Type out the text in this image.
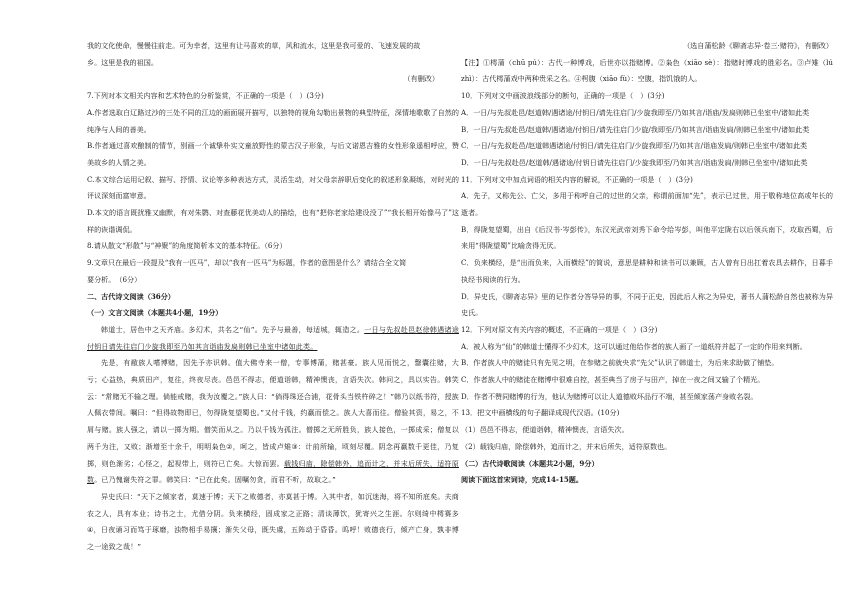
我的文化使命，慢慢往前走。可为幸者，这里有让马喜欢的草，风和流水，这里是我可爱的、飞速发展的故

乡。这里是我的祖国。

（有删改）

7.下列对本文相关内容和艺术特色的分析鉴赏，不正确的一项是（　）(3分)

A.作者选取白辽路过沙的三处不同的江边的画面展开描写，以独特的视角勾勒出景物的典型特征，深情地歌歌了自然的纯净与人间的善美。

B.作者通过喜欢酿制的情节，别画一个诚挚朴实文童放野性的蒙古汉子形象，与后文诺恩吉雅的女性形象遥相呼应，赞美故乡的人情之美。

C.本文综合运用记叙、描写、抒情、议论等多种表达方式，灵活生动，对父母亲辞职后变化的叙述形象凝练，对时光的评议深刻而富审意。

D.本文的语言既扰雅又幽默，有对朱鹮、对查藤花优美动人的描绘，也有“把你老家给建设没了”“我长相开始像马了”这样的诙谐调侃。

8.请从散文“形散”与“神聚”的角度简析本文的基本特征。（6分）

9.文章只在最后一段提及“我有一匹马”，却以“我有一匹马”为标题，作者的意图是什么？请结合全文简

要分析。　（6分）

二、古代诗文阅读（36分）

（一）文言文阅读（本题共4小题，19分）

韩道士，居色中之天齐庙。多幻术，共名之“仙”。先予与最善，每适城，辄造之。一日与先叔赴邑赵徐韩遇诸途付钥日请先往启门少旋我即至乃如其言诣庙发扃则韩已坐室中诸如此类。

先是，有敝族人嗜博赌，因先予亦识韩。值大佛寺来一僧，专事博蒲，赌甚豪。族人见而悦之，罄囊往赌，大亏；心益热，典质田产，复往，终夜尽丧。邑邑不得志，便道诣韩，精神懊丧，言语失次。韩问之，具以实告。韩笑云：“常赌无不输之理。倘能戒赌，我为汝覆之。”族人曰：“倘得珠还合浦，花骨头当铁杵碎之！”韩乃以纸书符，授族人佩衣带间。嘱曰：“但得故物即已，勿得陇复望蜀也。”又付千钱，约赢而偿之。族人大喜而往。僧验其资，易之，不屑与赌。族人强之，请以一掷为期。僧笑而从之。乃以千钱为孤注。僧掷之无所胜负，族人接色，一掷成采；僧复以两千为注，又败；渐增至十余千，明明枭色②，呵之，皆成卢雉③：计前所输，顷刻尽覆。阴念再赢数千更佳，乃复掷，则色渐劣；心怪之，起视带上，则符已亡矣。大惊而罢。载钱归庙，除偿韩外，追而计之，并末后所失，适符原数。已乃愧谢失符之罪。韩笑曰：“已在此矣。固嘱勿贪，而君不听，故取之。”

异史氏曰：“天下之倾家者，莫速于博；天下之败德者，亦莫甚于博。入其中者，如沉迷海，将不知所底矣。夫商农之人，具有本业；诗书之士，尤借分阴。负来横经，固成家之正路；清谈薄饮，犹寄兴之生涯。尔则绮中樗赛多④，日夜诵习而笃于琢磨，浊物相手易攘；渐失父母，既失虞，五阵动于昏昏。呜呼！败德丧行，倾产亡身，孰非博之一途致之哉！”

（选自蒲松龄《聊斋志异·卷三·赌符》，有删改）

【注】①樗蒲（chū pú）：古代一种博戏，后世亦以指赌博。②枭色（xiāo sè）：指赌时博戏的胜彩名。③卢雉（lú zhì）：古代樗蒲戏中两种贵采之名。④枵腹（xiāo fù）：空腹，指饥饿的人。

10．下列对文中画波浪线部分的断句，正确的一项是（　）(3分)

A．一日/与先叔赴邑/赵道韩/遇诸途/付钥日/请先往启门/少旋我即至/乃如其言/诣庙/发扃则韩已坐室中/诸如此类

B．一日/与先叔赴邑/赵道韩/遇诸途/付钥日/请先往启门少旋/我即至/乃如其言/诣庙发扃/则韩已坐室中/诸如此类

C．一日/与先叔赴邑/赵道韩遇诸途/付钥日/请先往启门/少旋我即至/乃如其言/诣庙发扃/则韩已坐室中/诸如此类

D．一日/与先叔赴邑/赵道韩/遇诸途/付钥日请先往启门/少旋我即至/乃如其言/诣庙发扃/则韩已坐室中/诸如此类

11．下列对文中加点词语的相关内容的解说，不正确的一项是（　）(3分)

A．先子，又称先公、亡父，多用于称呼自己的过世的父亲，称谓前面加“先”，表示已过世，用于敬称地位高或年长的逝者。

B．得陇复望蜀，出自《后汉书·岑彭传》，东汉光武帝刘秀下命令给岑彭，叫他平定陇右以后领兵南下，攻取西蜀，后来用“得陇望蜀”比喻贪得无厌。

C．负来横经，是“出而负来，入而横经”的简说，意思是耕种和读书可以兼顾，古人曾有日出扛着农具去耕作，日暮手执经书阅读的行为。

D．异史氏，《聊斋志异》里的记作者分答导异的事，不同于正史，因此后人称之为异史，著书人蒲松龄自然也被称为异史氏。

12．下列对原文有关内容的概述，不正确的一项是（　）(3分)

A．被人称为“仙”的韩道士懂得不少幻术，这可以通过他给作者的族人画了一道纸符并起了一定的作用来判断。

B．作者族人中的赌徒只有先见之明，在参赌之前就央求“先父”认识了韩道士，为后来求助做了铺垫。

C．作者族人中的赌徒在赌博中很难自控，甚至典当了房子与田产，掉在一夜之间又输了个精光。

D．作者不赞同赌博的行为，他认为赌博可以让人道德败坏品行不端，甚至倾家荡产身败名裂。

13．把文中画横线的句子翻译成现代汉语。(10分)

（1）邑邑不得志，便道诣韩，精神懊丧，言语失次。

（2）载钱归庙，除偿韩外，追而计之，并末后所失，适符原数也。

（二）古代诗歌阅读（本题共2小题，9分）

阅读下面这首宋词诗，完成14-15题。
